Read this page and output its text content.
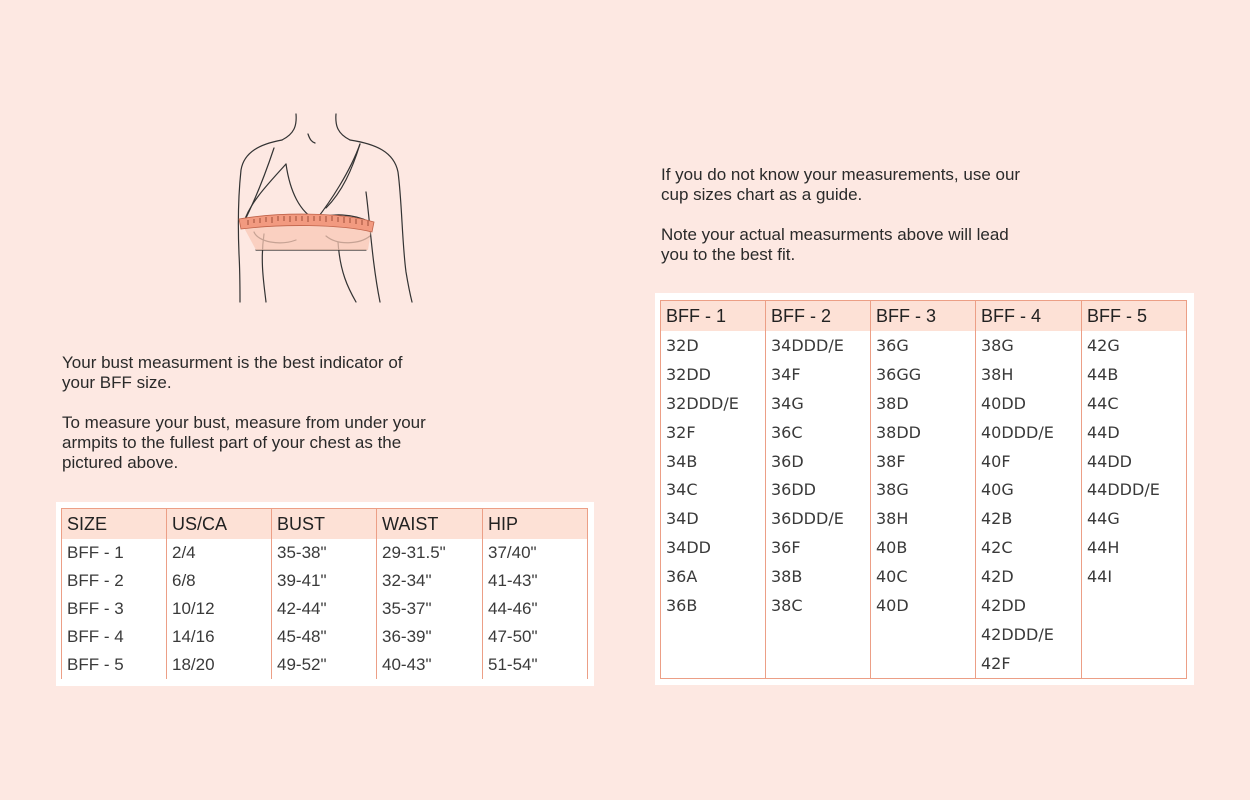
Your bust measurment is the best indicator of
your BFF size.
To measure your bust, measure from under your
armpits to the fullest part of your chest as the
pictured above.
If you do not know your measurements, use our
cup sizes chart as a guide.
Note your actual measurments above will lead
you to the best fit.
SIZE	US/CA	BUST	WAIST	HIP
BFF - 1	2/4	35-38"	29-31.5"	37/40"
BFF - 2	6/8	39-41"	32-34"	41-43"
BFF - 3	10/12	42-44"	35-37"	44-46"
BFF - 4	14/16	45-48"	36-39"	47-50"
BFF - 5	18/20	49-52"	40-43"	51-54"
BFF - 1	BFF - 2	BFF - 3	BFF - 4	BFF - 5
32D	34DDD/E	36G	38G	42G
32DD	34F	36GG	38H	44B
32DDD/E	34G	38D	40DD	44C
32F	36C	38DD	40DDD/E	44D
34B	36D	38F	40F	44DD
34C	36DD	38G	40G	44DDD/E
34D	36DDD/E	38H	42B	44G
34DD	36F	40B	42C	44H
36A	38B	40C	42D	44I
36B	38C	40D	42DD	
			42DDD/E	
			42F	
